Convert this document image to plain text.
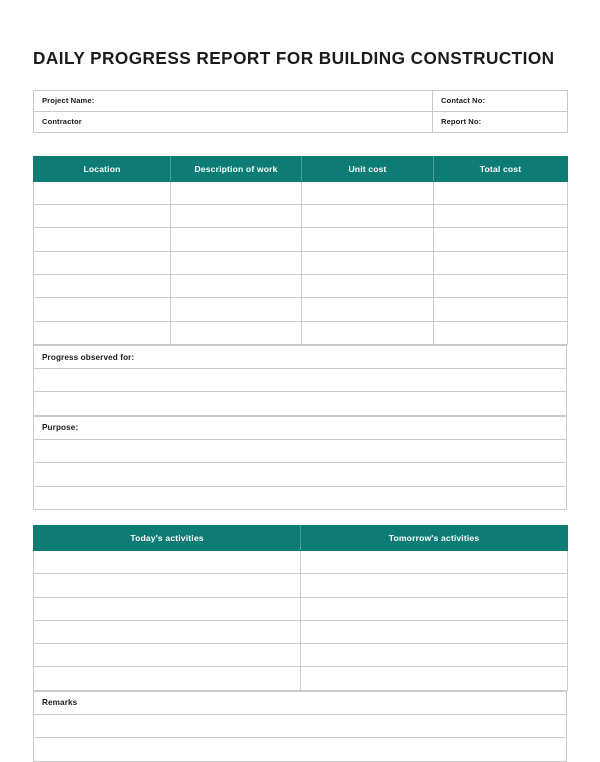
DAILY PROGRESS REPORT FOR BUILDING CONSTRUCTION
Project Name:	Contact No:
Contractor	Report No:
Location	Description of work	Unit cost	Total cost

Progress observed for:

Purpose:

Today's activities	Tomorrow's activities

Remarks
